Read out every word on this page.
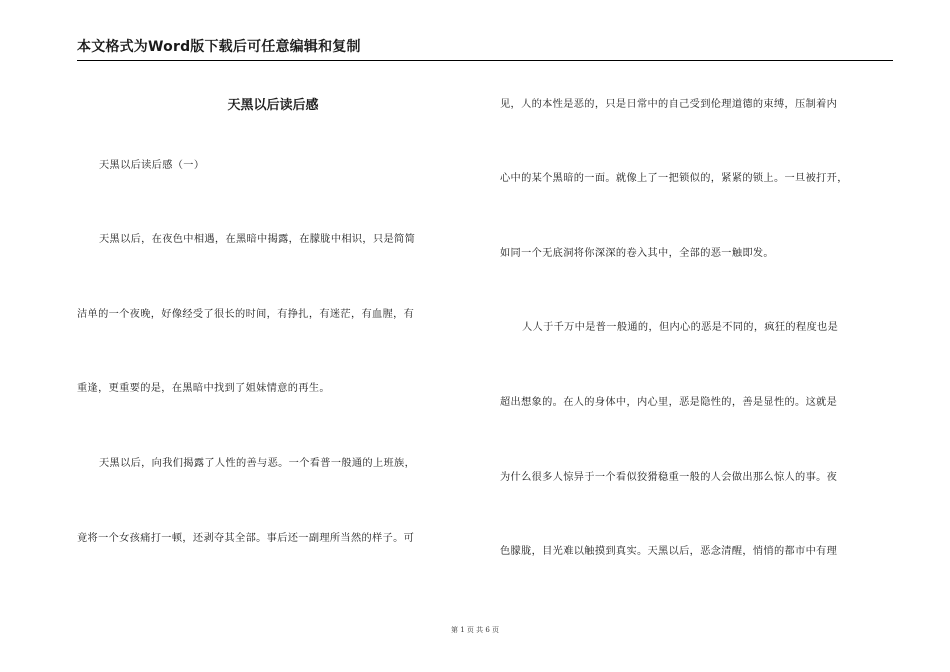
本文格式为Word版下载后可任意编辑和复制
天黑以后读后感
天黑以后读后感（一）
天黑以后，在夜色中相遇，在黑暗中揭露，在朦胧中相识，只是简简
洁单的一个夜晚，好像经受了很长的时间，有挣扎，有迷茫，有血腥，有
重逢，更重要的是，在黑暗中找到了姐妹情意的再生。
天黑以后，向我们揭露了人性的善与恶。一个看普一般通的上班族，
竟将一个女孩痛打一顿，还剥夺其全部。事后还一副理所当然的样子。可
见，人的本性是恶的，只是日常中的自己受到伦理道德的束缚，压制着内
心中的某个黑暗的一面。就像上了一把锁似的，紧紧的锁上。一旦被打开，
如同一个无底洞将你深深的卷入其中，全部的恶一触即发。
人人于千万中是普一般通的，但内心的恶是不同的，疯狂的程度也是
超出想象的。在人的身体中，内心里，恶是隐性的，善是显性的。这就是
为什么很多人惊异于一个看似狡猾稳重一般的人会做出那么惊人的事。夜
色朦胧，目光难以触摸到真实。天黑以后，恶念清醒，悄悄的都市中有理
第 1 页 共 6 页
